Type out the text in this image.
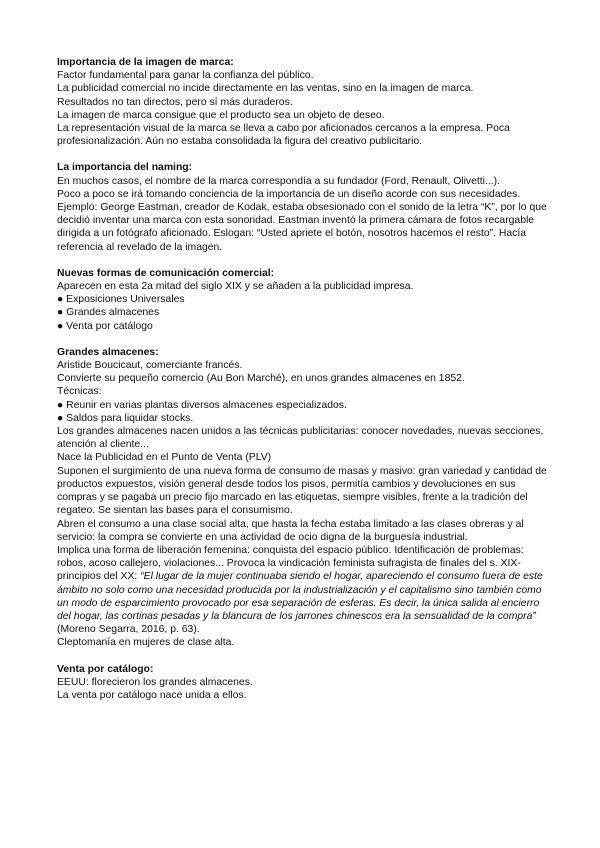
Importancia de la imagen de marca:

Factor fundamental para ganar la confianza del público.

La publicidad comercial no incide directamente en las ventas, sino en la imagen de marca.

Resultados no tan directos, pero sí más duraderos.

La imagen de marca consigue que el producto sea un objeto de deseo.

La representación visual de la marca se lleva a cabo por aficionados cercanos a la empresa. Poca profesionalización. Aún no estaba consolidada la figura del creativo publicitario.

La importancia del naming:

En muchos casos, el nombre de la marca correspondía a su fundador (Ford, Renault, Olivetti...).

Poco a poco se irá tomando conciencia de la importancia de un diseño acorde con sus necesidades.

Ejemplo: George Eastman, creador de Kodak, estaba obsesionado con el sonido de la letra “K”, por lo que decidió inventar una marca con esta sonoridad. Eastman inventó la primera cámara de fotos recargable dirigida a un fotógrafo aficionado. Eslogan: “Usted apriete el botón, nosotros hacemos el resto”. Hacía referencia al revelado de la imagen.

Nuevas formas de comunicación comercial:

Aparecen en esta 2a mitad del siglo XIX y se añaden a la publicidad impresa.

● Exposiciones Universales

● Grandes almacenes

● Venta por catálogo

Grandes almacenes:

Aristide Boucicaut, comerciante francés.

Convierte su pequeño comercio (Au Bon Marché), en unos grandes almacenes en 1852.

Técnicas:

● Reunir en varias plantas diversos almacenes especializados.

● Saldos para liquidar stocks.

Los grandes almacenes nacen unidos a las técnicas publicitarias: conocer novedades, nuevas secciones, atención al cliente...

Nace la Publicidad en el Punto de Venta (PLV)

Suponen el surgimiento de una nueva forma de consumo de masas y masivo: gran variedad y cantidad de productos expuestos, visión general desde todos los pisos, permitía cambios y devoluciones en sus compras y se pagaba un precio fijo marcado en las etiquetas, siempre visibles, frente a la tradición del regateo. Se sientan las bases para el consumismo.

Abren el consumo a una clase social alta, que hasta la fecha estaba limitado a las clases obreras y al servicio: la compra se convierte en una actividad de ocio digna de la burguesía industrial.

Implica una forma de liberación femenina: conquista del espacio público. Identificación de problemas: robos, acoso callejero, violaciones... Provoca la vindicación feminista sufragista de finales del s. XIX-principios del XX: “El lugar de la mujer continuaba siendo el hogar, apareciendo el consumo fuera de este ámbito no solo como una necesidad producida por la industrialización y el capitalismo sino también como un modo de esparcimiento provocado por esa separación de esferas. Es decir, la única salida al encierro del hogar, las cortinas pesadas y la blancura de los jarrones chinescos era la sensualidad de la compra” (Moreno Segarra, 2016, p. 63).

Cleptomanía en mujeres de clase alta.

Venta por catálogo:

EEUU: florecieron los grandes almacenes.

La venta por catálogo nace unida a ellos.
